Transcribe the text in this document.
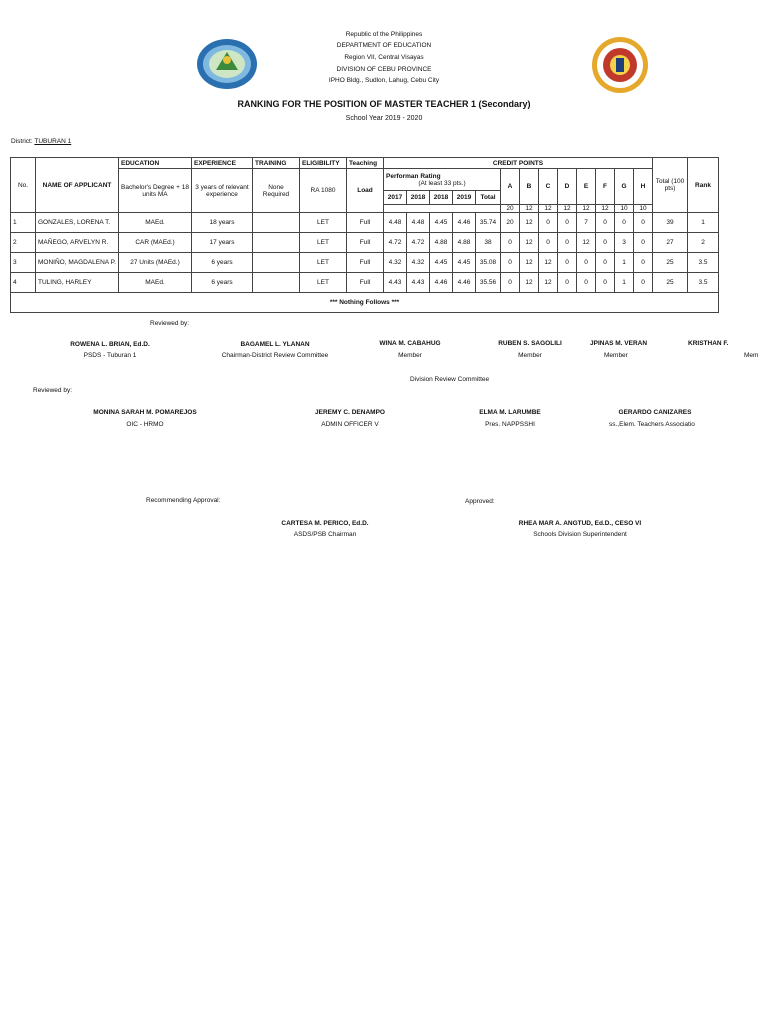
Republic of the Philippines
DEPARTMENT OF EDUCATION
Region VII, Central Visayas
DIVISION OF CEBU PROVINCE
IPHO Bldg., Sudlon, Lahug, Cebu City
RANKING FOR THE POSITION OF MASTER TEACHER 1 (Secondary)
School Year 2019 - 2020
District: TUBURAN 1
No.	NAME OF APPLICANT	EDUCATION	EXPERIENCE	TRAINING	ELIGIBILITY	Teaching	CREDIT POINTS													Total (100 pts)	Rank
		Bachelor's Degree + 18 units MA	3 years of relevant experience	None Required	RA 1080	Load	Performan Rating
(At least 33 pts.)					A	B	C	D	E	F	G	H		
							2017	2018	2018	2019	Total										
												20	12	12	12	12	12	10	10		
1	GONZALES, LORENA T.	MAEd.	18 years		LET	Full	4.48	4.48	4.45	4.46	35.74	20	12	0	0	7	0	0	0	39	1
2	MAÑEGO, ARVELYN R.	CAR (MAEd.)	17 years		LET	Full	4.72	4.72	4.88	4.88	38	0	12	0	0	12	0	3	0	27	2
3	MONIÑO, MAGDALENA P.	27 Units (MAEd.)	6 years		LET	Full	4.32	4.32	4.45	4.45	35.08	0	12	12	0	0	0	1	0	25	3.5
4	TULING, HARLEY	MAEd.	6 years		LET	Full	4.43	4.43	4.46	4.46	35.56	0	12	12	0	0	0	1	0	25	3.5
*** Nothing Follows ***																					
Reviewed by:
ROWENA L. BRIAN, Ed.D.
PSDS - Tuburan 1
BAGAMEL L. YLANAN
Chairman-District Review Committee
WINA M. CABAHUG
Member
RUBEN S. SAGOLILI
Member
JPINAS M. VERAN
Member
KRISTHAN F.
Mem
Division Review Committee
Reviewed by:
MONINA SARAH M. POMAREJOS
OIC - HRMO
JEREMY C. DENAMPO
ADMIN OFFICER V
ELMA M. LARUMBE
Pres. NAPPSSHI
GERARDO CANIZARES
ss.,Elem. Teachers Associatio
Recommending Approval:	Approved:
CARTESA M. PERICO, Ed.D.
ASDS/PSB Chairman
RHEA MAR A. ANGTUD, Ed.D., CESO VI
Schools Division Superintendent
